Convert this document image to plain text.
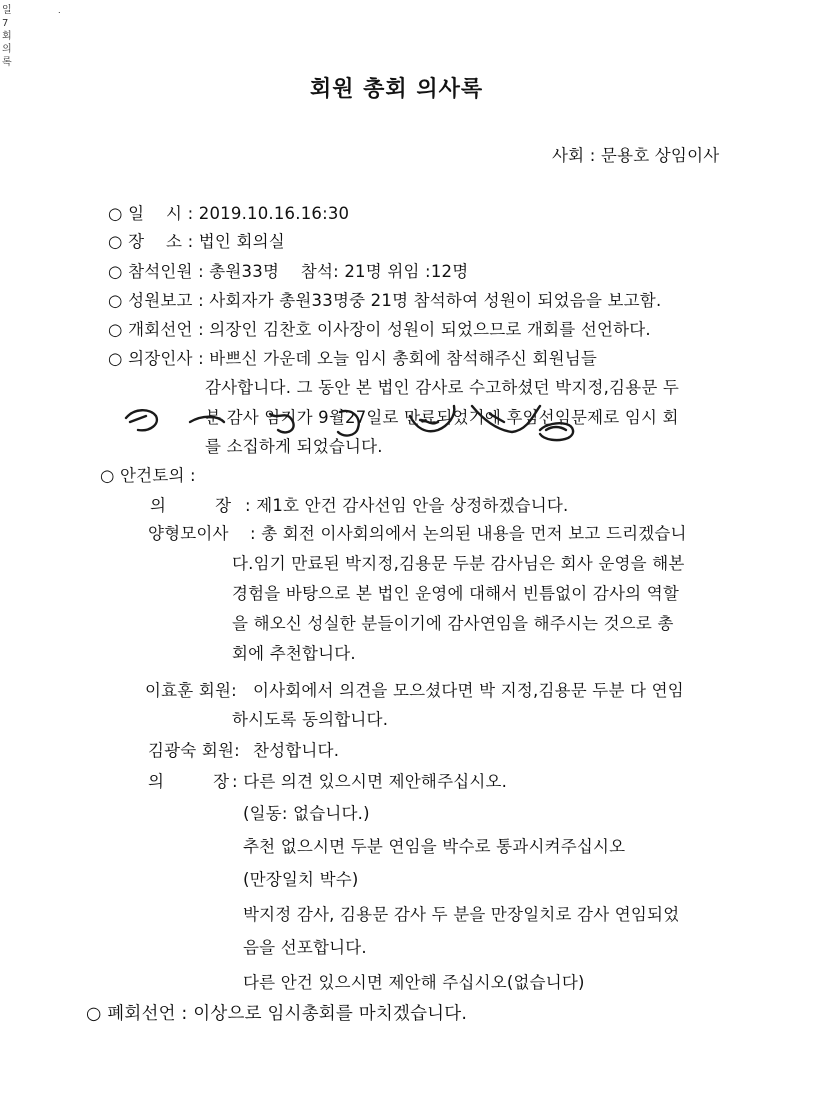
일7회의록
.
회원 총회 의사록
사회 : 문용호 상임이사
○ 일    시 : 2019.10.16.16:30
○ 장    소 : 법인 회의실
○ 참석인원 : 총원33명    참석: 21명 위임 :12명
○ 성원보고 : 사회자가 총원33명중 21명 참석하여 성원이 되었음을 보고함.
○ 개회선언 : 의장인 김찬호 이사장이 성원이 되었으므로 개회를 선언하다.
○ 의장인사 : 바쁘신 가운데 오늘 임시 총회에 참석해주신 회원님들
감사합니다. 그 동안 본 법인 감사로 수고하셨던 박지정,김용문 두
분 감사 임기가 9월27일로 만료되었기에 후임선임문제로 임시 회
를 소집하게 되었습니다.
○ 안건토의 :
의         장 : 제1호 안건 감사선임 안을 상정하겠습니다.
양형모이사 : 총 회전 이사회의에서 논의된 내용을 먼저 보고 드리겠습니
다.임기 만료된 박지정,김용문 두분 감사님은 회사 운영을 해본
경험을 바탕으로 본 법인 운영에 대해서 빈틈없이 감사의 역할
을 해오신 성실한 분들이기에 감사연임을 해주시는 것으로 총
회에 추천합니다.
이효훈 회원: 이사회에서 의견을 모으셨다면 박 지정,김용문 두분 다 연임
하시도록 동의합니다.
김광숙 회원: 찬성합니다.
의         장 : 다른 의견 있으시면 제안해주십시오.
(일동: 없습니다.)
추천 없으시면 두분 연임을 박수로 통과시켜주십시오
(만장일치 박수)
박지정 감사, 김용문 감사 두 분을 만장일치로 감사 연임되었
음을 선포합니다.
다른 안건 있으시면 제안해 주십시오(없습니다)
○ 폐회선언 : 이상으로 임시총회를 마치겠습니다.
